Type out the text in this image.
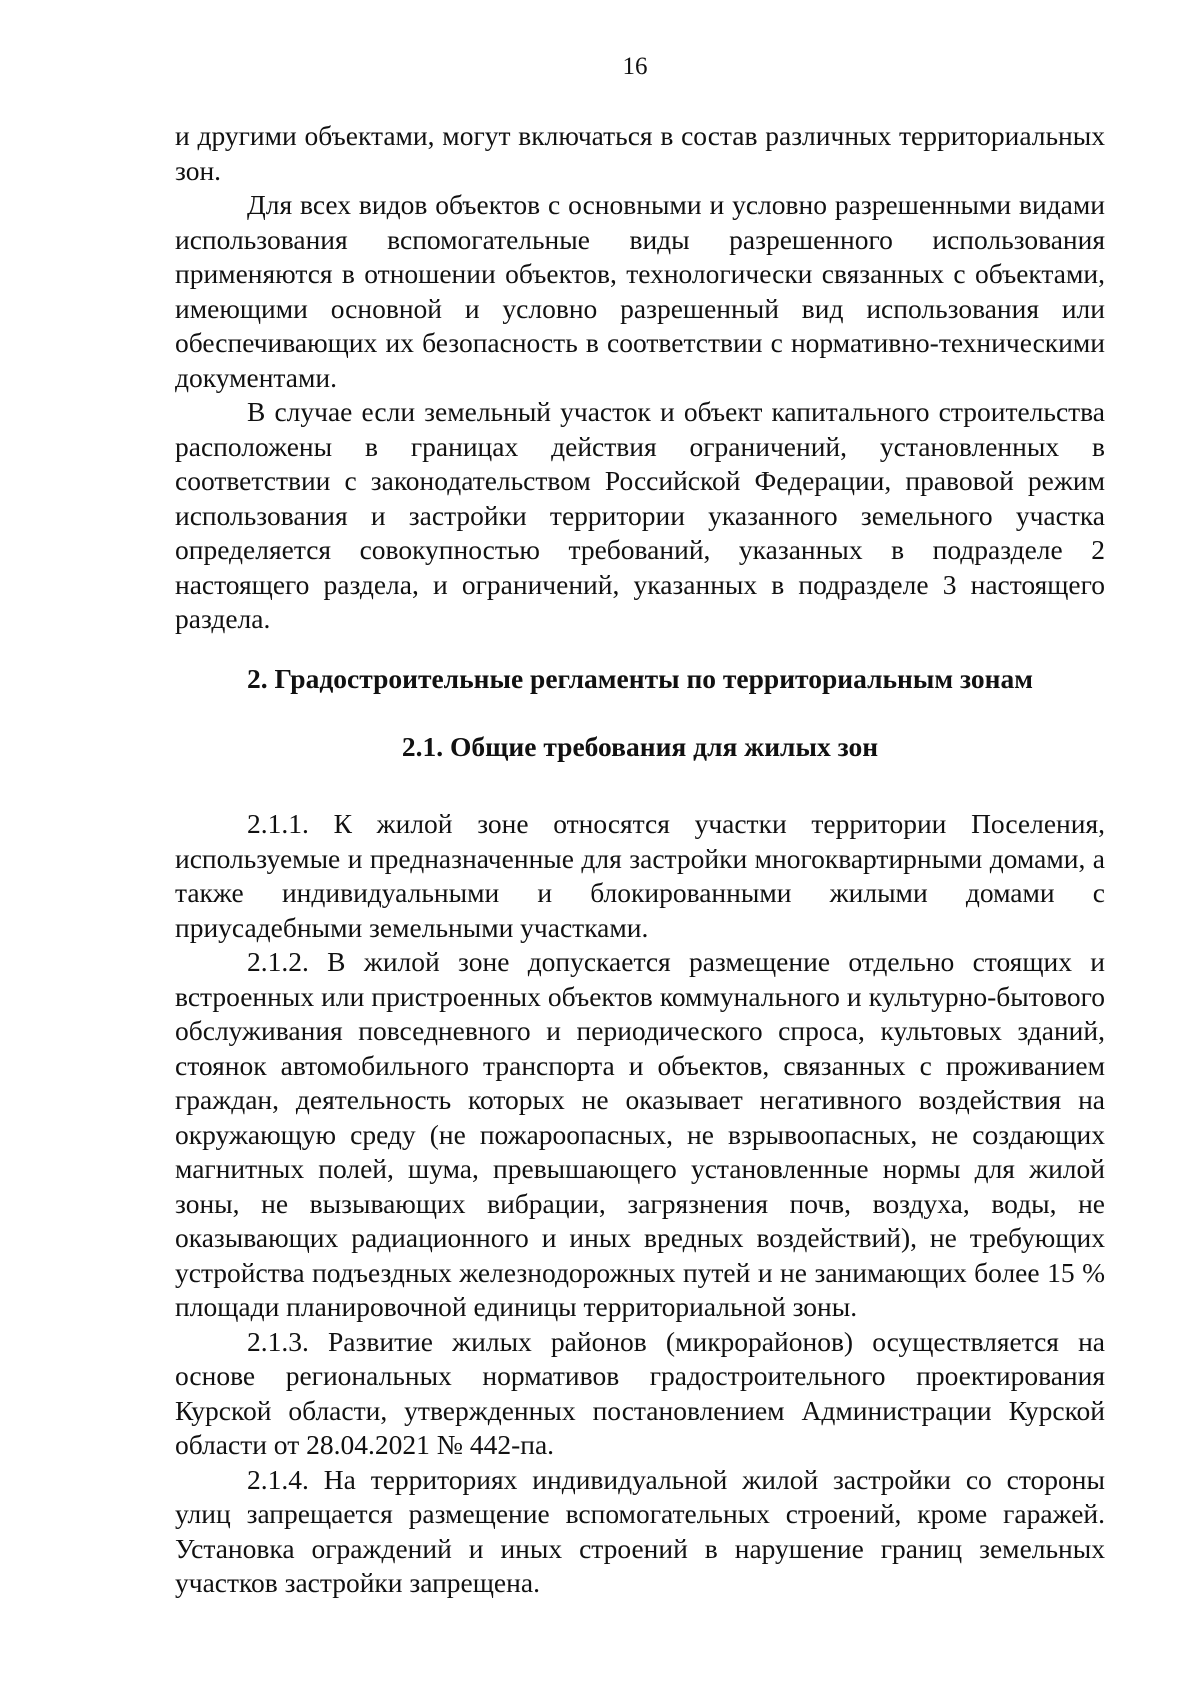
16

и другими объектами, могут включаться в состав различных территориальных зон.

Для всех видов объектов с основными и условно разрешенными видами использования вспомогательные виды разрешенного использования применяются в отношении объектов, технологически связанных с объектами, имеющими основной и условно разрешенный вид использования или обеспечивающих их безопасность в соответствии с нормативно-техническими документами.

В случае если земельный участок и объект капитального строительства расположены в границах действия ограничений, установленных в соответствии с законодательством Российской Федерации, правовой режим использования и застройки территории указанного земельного участка определяется совокупностью требований, указанных в подразделе 2 настоящего раздела, и ограничений, указанных в подразделе 3 настоящего раздела.

2. Градостроительные регламенты по территориальным зонам
2.1. Общие требования для жилых зон

2.1.1. К жилой зоне относятся участки территории Поселения, используемые и предназначенные для застройки многоквартирными домами, а также индивидуальными и блокированными жилыми домами с приусадебными земельными участками.

2.1.2. В жилой зоне допускается размещение отдельно стоящих и встроенных или пристроенных объектов коммунального и культурно-бытового обслуживания повседневного и периодического спроса, культовых зданий, стоянок автомобильного транспорта и объектов, связанных с проживанием граждан, деятельность которых не оказывает негативного воздействия на окружающую среду (не пожароопасных, не взрывоопасных, не создающих магнитных полей, шума, превышающего установленные нормы для жилой зоны, не вызывающих вибрации, загрязнения почв, воздуха, воды, не оказывающих радиационного и иных вредных воздействий), не требующих устройства подъездных железнодорожных путей и не занимающих более 15 % площади планировочной единицы территориальной зоны.

2.1.3. Развитие жилых районов (микрорайонов) осуществляется на основе региональных нормативов градостроительного проектирования Курской области, утвержденных постановлением Администрации Курской области от 28.04.2021 № 442-па.

2.1.4. На территориях индивидуальной жилой застройки со стороны улиц запрещается размещение вспомогательных строений, кроме гаражей. Установка ограждений и иных строений в нарушение границ земельных участков застройки запрещена.
